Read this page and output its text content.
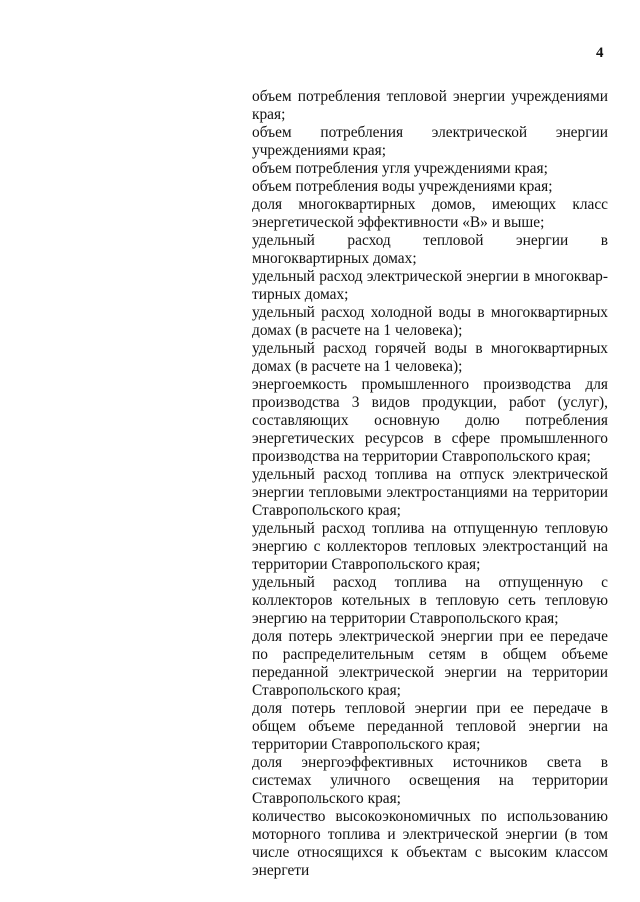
4

объем потребления тепловой энергии учреждениями края;

объем потребления электрической энергии учреждениями края;

объем потребления угля учреждениями края;

объем потребления воды учреждениями края;

доля многоквартирных домов, имеющих класс энергетической эффективности «В» и выше;

удельный расход тепловой энергии в многоквартирных домах;

удельный расход электрической энергии в многоквартирных домах;

удельный расход холодной воды в многоквартирных домах (в расчете на 1 человека);

удельный расход горячей воды в многоквартирных домах (в расчете на 1 человека);

энергоемкость промышленного производства для производства 3 видов продукции, работ (услуг), составляющих основную долю потребления энергетических ресурсов в сфере промышленного производства на территории Ставропольского края;

удельный расход топлива на отпуск электрической энергии тепловыми электростанциями на территории Ставропольского края;

удельный расход топлива на отпущенную тепловую энергию с коллекторов тепловых электростанций на территории Ставропольского края;

удельный расход топлива на отпущенную с коллекторов котельных в тепловую сеть тепловую энергию на территории Ставропольского края;

доля потерь электрической энергии при ее передаче по распределительным сетям в общем объеме переданной электрической энергии на территории Ставропольского края;

доля потерь тепловой энергии при ее передаче в общем объеме переданной тепловой энергии на территории Ставропольского края;

доля энергоэффективных источников света в системах уличного освещения на территории Ставропольского края;

количество высокоэкономичных по использованию моторного топлива и электрической энергии (в том числе относящихся к объектам с высоким классом энергети
